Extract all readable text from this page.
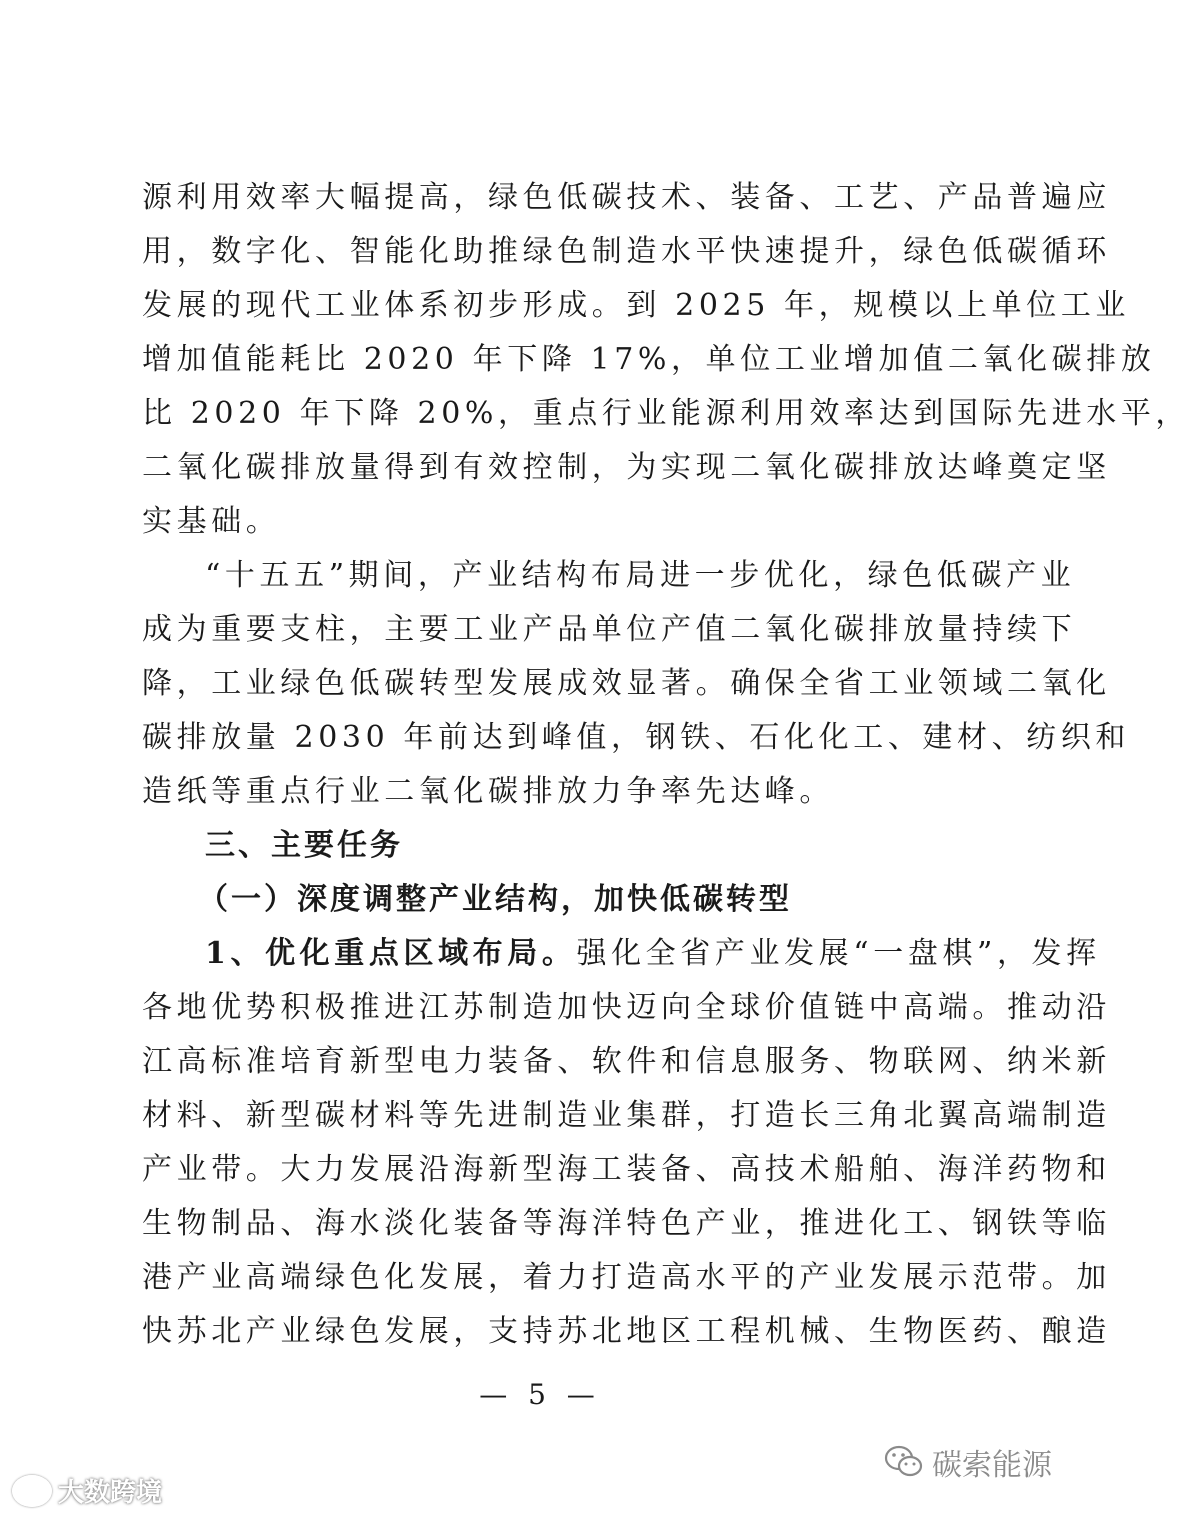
源利用效率大幅提高，绿色低碳技术、装备、工艺、产品普遍应
用，数字化、智能化助推绿色制造水平快速提升，绿色低碳循环
发展的现代工业体系初步形成。到 2025 年，规模以上单位工业
增加值能耗比 2020 年下降 17%，单位工业增加值二氧化碳排放
比 2020 年下降 20%，重点行业能源利用效率达到国际先进水平，
二氧化碳排放量得到有效控制，为实现二氧化碳排放达峰奠定坚
实基础。
“十五五”期间，产业结构布局进一步优化，绿色低碳产业
成为重要支柱，主要工业产品单位产值二氧化碳排放量持续下
降，工业绿色低碳转型发展成效显著。确保全省工业领域二氧化
碳排放量 2030 年前达到峰值，钢铁、石化化工、建材、纺织和
造纸等重点行业二氧化碳排放力争率先达峰。
三、主要任务
（一）深度调整产业结构，加快低碳转型
1、优化重点区域布局。强化全省产业发展“一盘棋”，发挥
各地优势积极推进江苏制造加快迈向全球价值链中高端。推动沿
江高标准培育新型电力装备、软件和信息服务、物联网、纳米新
材料、新型碳材料等先进制造业集群，打造长三角北翼高端制造
产业带。大力发展沿海新型海工装备、高技术船舶、海洋药物和
生物制品、海水淡化装备等海洋特色产业，推进化工、钢铁等临
港产业高端绿色化发展，着力打造高水平的产业发展示范带。加
快苏北产业绿色发展，支持苏北地区工程机械、生物医药、酿造
— 5 —
大数跨境
碳索能源
